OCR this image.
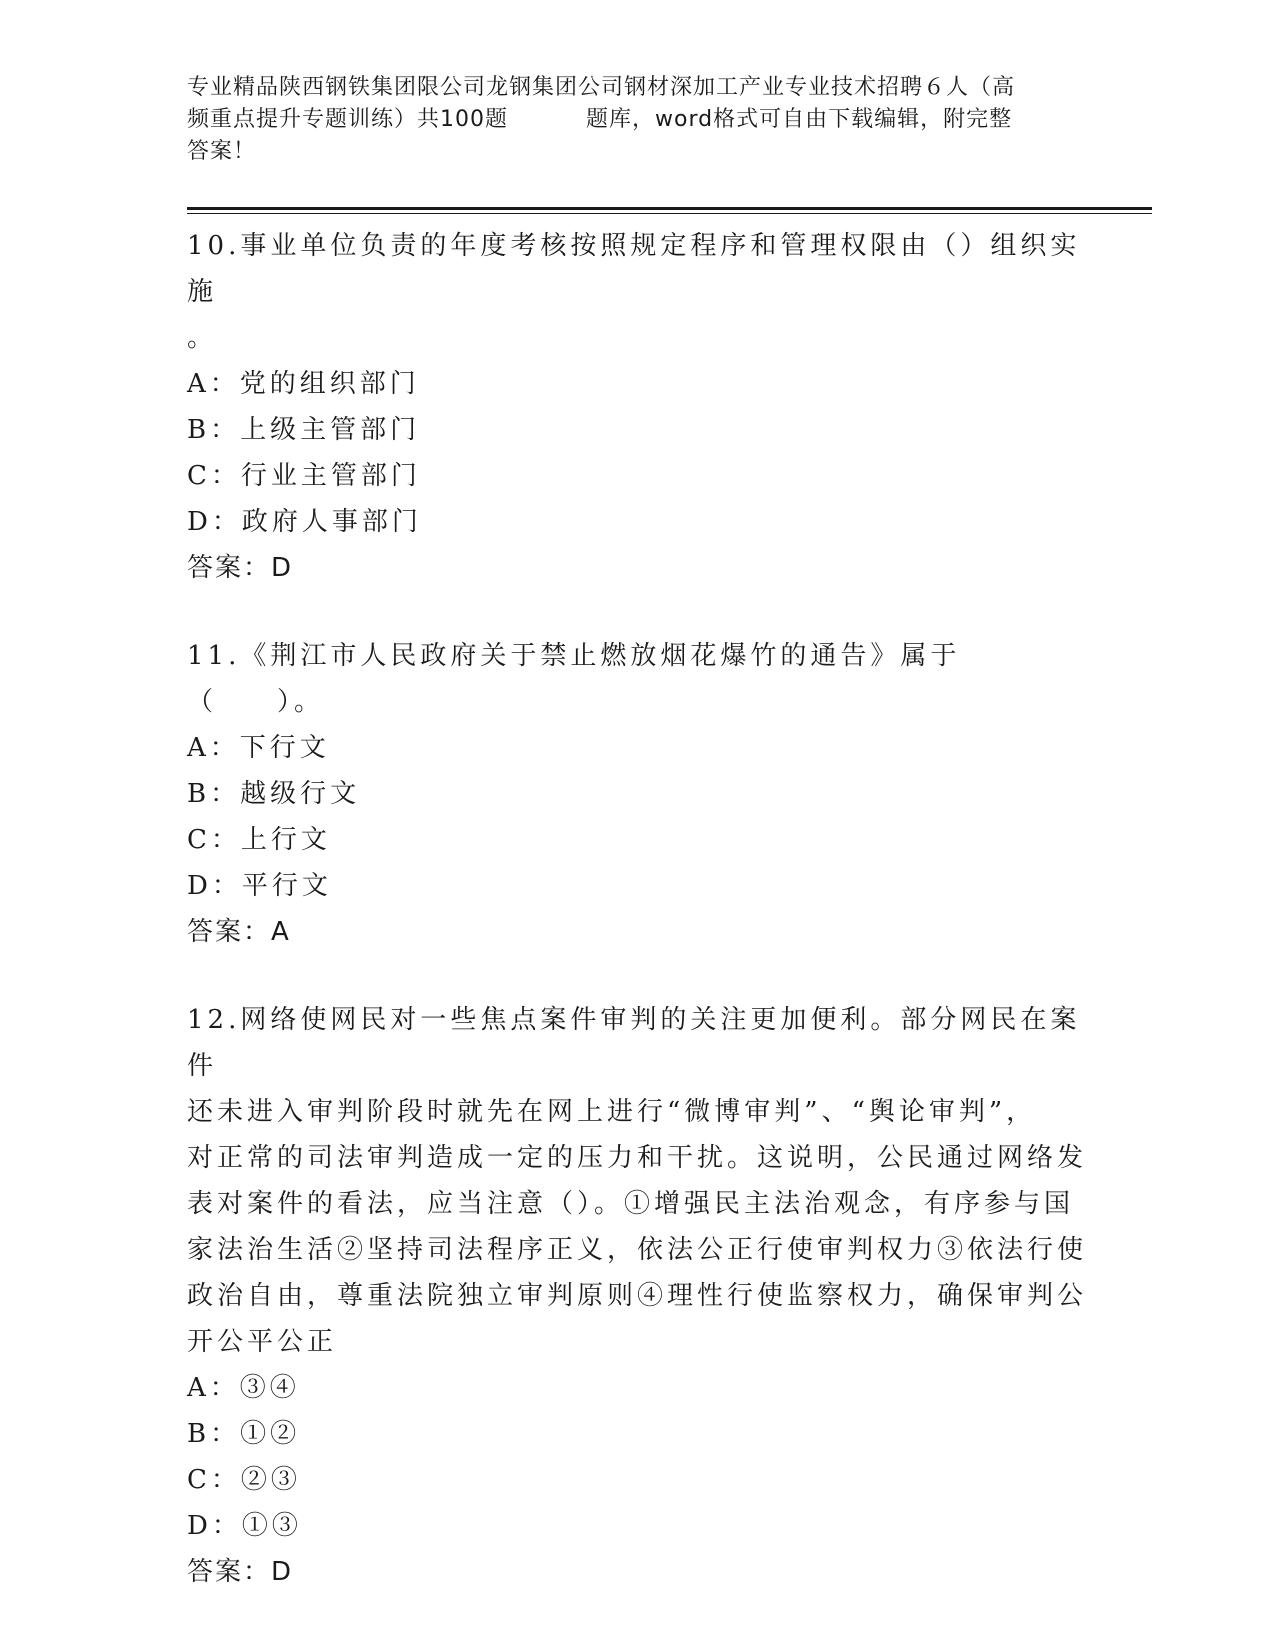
专业精品陕西钢铁集团限公司龙钢集团公司钢材深加工产业专业技术招聘６人（高
频重点提升专题训练）共100题	题库，word格式可自由下载编辑，附完整
答案！

10.事业单位负责的年度考核按照规定程序和管理权限由（）组织实施

。

A：党的组织部门

B：上级主管部门

C：行业主管部门

D：政府人事部门

答案：D

11.《荆江市人民政府关于禁止燃放烟花爆竹的通告》属于（　　）。

A：下行文

B：越级行文

C：上行文

D：平行文

答案：A

12.网络使网民对一些焦点案件审判的关注更加便利。部分网民在案件

还未进入审判阶段时就先在网上进行“微博审判”、“舆论审判”，

对正常的司法审判造成一定的压力和干扰。这说明，公民通过网络发

表对案件的看法，应当注意（）。①增强民主法治观念，有序参与国

家法治生活②坚持司法程序正义，依法公正行使审判权力③依法行使

政治自由，尊重法院独立审判原则④理性行使监察权力，确保审判公

开公平公正

A：③④

B：①②

C：②③

D：①③

答案：D
